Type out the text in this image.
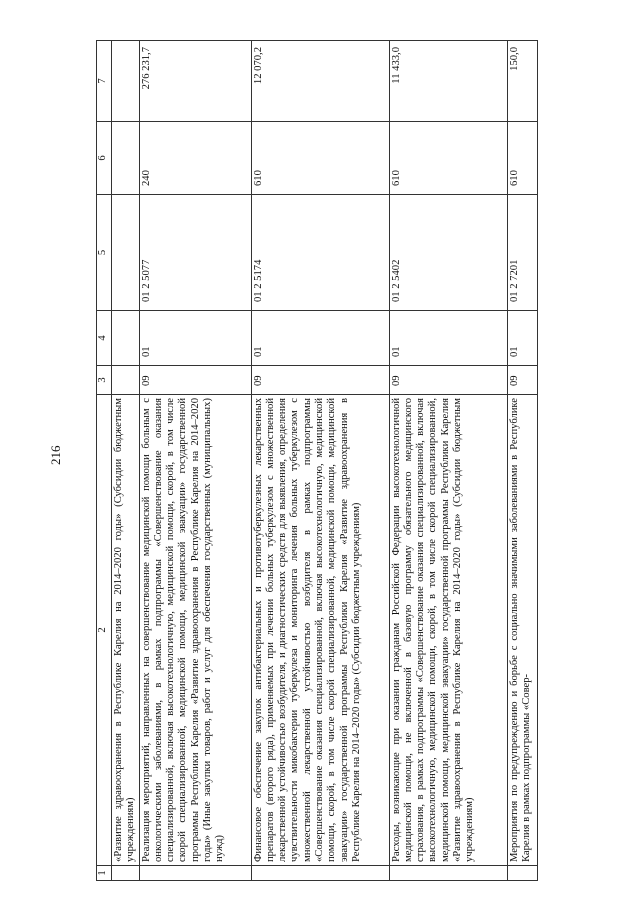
216
1	2	3	4	5	6	7
	«Развитие здравоохранения в Республике Карелия на 2014–2020 годы» (Субсидии бюджетным учреждениям)					
	Реализация мероприятий, направленных на совершенствование медицинской помощи больным с онкологическими заболеваниями, в рамках подпрограммы «Совершенствование оказания специализированной, включая высокотехнологичную, медицинской помощи, скорой, в том числе скорой специализированной, медицинской помощи, медицинской эвакуации» государственной программы Республики Карелия «Развитие здравоохранения в Республике Карелия на 2014–2020 годы» (Иные закупки товаров, работ и услуг для обеспечения государственных (муниципальных) нужд)	09	01	01 2 5077	240	276 231,7
	Финансовое обеспечение закупок антибактериальных и противотуберкулезных лекарственных препаратов (второго ряда), применяемых при лечении больных туберкулезом с множественной лекарственной устойчивостью возбудителя, и диагностических средств для выявления, определения чувствительности микобактерии туберкулеза и мониторинга лечения больных туберкулезом с множественной лекарственной устойчивостью возбудителя в рамках подпрограммы «Совершенствование оказания специализированной, включая высокотехнологичную, медицинской помощи, скорой, в том числе скорой специализированной, медицинской помощи, медицинской эвакуации» государственной программы Республики Карелия «Развитие здравоохранения в Республике Карелия на 2014–2020 годы» (Субсидии бюджетным учреждениям)	09	01	01 2 5174	610	12 070,2
	Расходы, возникающие при оказании гражданам Российской Федерации высокотехнологичной медицинской помощи, не включенной в базовую программу обязательного медицинского страхования, в рамках подпрограммы «Совершенствование оказания специализированной, включая высокотехнологичную, медицинской помощи, скорой, в том числе скорой специализированной, медицинской помощи, медицинской эвакуации» государственной программы Республики Карелия «Развитие здравоохранения в Республике Карелия на 2014–2020 годы» (Субсидии бюджетным учреждениям)	09	01	01 2 5402	610	11 433,0
	Мероприятия по предупреждению и борьбе с социально значимыми заболеваниями в Республике Карелия в рамках подпрограммы «Совер-	09	01	01 2 7201	610	150,0
